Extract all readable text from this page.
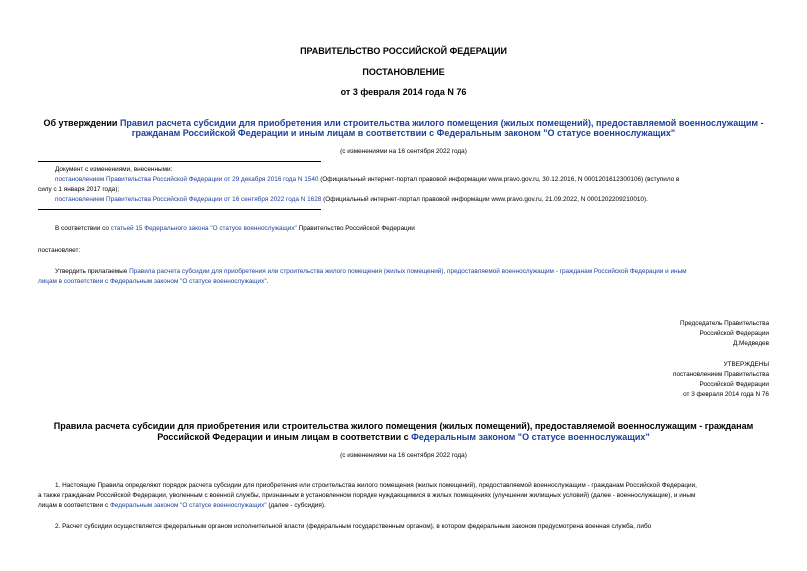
ПРАВИТЕЛЬСТВО РОССИЙСКОЙ ФЕДЕРАЦИИ
ПОСТАНОВЛЕНИЕ
от 3 февраля 2014 года N 76
Об утверждении Правил расчета субсидии для приобретения или строительства жилого помещения (жилых помещений), предоставляемой военнослужащим -
гражданам Российской Федерации и иным лицам в соответствии с Федеральным законом "О статусе военнослужащих"
(с изменениями на 16 сентября 2022 года)
Документ с изменениями, внесенными:
постановлением Правительства Российской Федерации от 29 декабря 2016 года N 1540 (Официальный интернет-портал правовой информации www.pravo.gov.ru, 30.12.2016, N 0001201612300106) (вступило в
силу с 1 января 2017 года);
постановлением Правительства Российской Федерации от 16 сентября 2022 года N 1628 (Официальный интернет-портал правовой информации www.pravo.gov.ru, 21.09.2022, N 0001202209210010).
В соответствии со статьей 15 Федерального закона "О статусе военнослужащих" Правительство Российской Федерации
постановляет:
Утвердить прилагаемые Правила расчета субсидии для приобретения или строительства жилого помещения (жилых помещений), предоставляемой военнослужащим - гражданам Российской Федерации и иным
лицам в соответствии с Федеральным законом "О статусе военнослужащих".
Председатель Правительства
Российской Федерации
Д.Медведев
УТВЕРЖДЕНЫ
постановлением Правительства
Российской Федерации
от 3 февраля 2014 года N 76
Правила расчета субсидии для приобретения или строительства жилого помещения (жилых помещений), предоставляемой военнослужащим - гражданам
Российской Федерации и иным лицам в соответствии с Федеральным законом "О статусе военнослужащих"
(с изменениями на 16 сентября 2022 года)
1. Настоящие Правила определяют порядок расчета субсидии для приобретения или строительства жилого помещения (жилых помещений), предоставляемой военнослужащим - гражданам Российской Федерации,
а также гражданам Российской Федерации, уволенным с военной службы, признанным в установленном порядке нуждающимися в жилых помещениях (улучшении жилищных условий) (далее - военнослужащие), и иным
лицам в соответствии с Федеральным законом "О статусе военнослужащих" (далее - субсидия).
2. Расчет субсидии осуществляется федеральным органом исполнительной власти (федеральным государственным органом), в котором федеральным законом предусмотрена военная служба, либо
